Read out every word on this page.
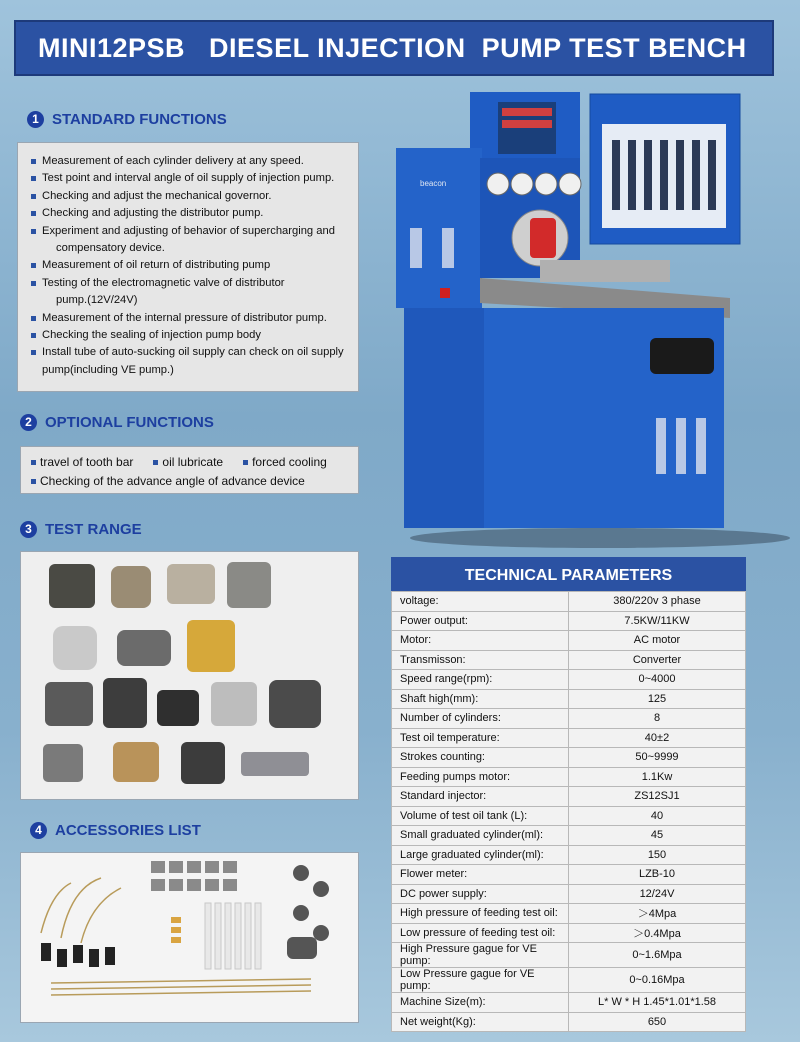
MINI12PSB   DIESEL INJECTION  PUMP TEST BENCH
1 STANDARD FUNCTIONS
Measurement of each cylinder delivery at any speed.
Test point and interval angle of oil supply of injection pump.
Checking and adjust the mechanical governor.
Checking and adjusting the distributor pump.
Experiment and adjusting of behavior of supercharging and
compensatory device.
Measurement of oil return of distributing pump
Testing of the electromagnetic valve of distributor
pump.(12V/24V)
Measurement of the internal pressure of distributor pump.
Checking the sealing of injection pump body
Install tube of auto-sucking oil supply can check on oil supply
pump(including VE pump.)
2 OPTIONAL FUNCTIONS
travel of tooth bar	oil lubricate	forced cooling
Checking of the advance angle of advance device
3 TEST RANGE
4 ACCESSORIES LIST
beacon
TECHNICAL PARAMETERS
voltage:	380/220v 3 phase
Power output:	7.5KW/11KW
Motor:	AC motor
Transmisson:	Converter
Speed range(rpm):	0~4000
Shaft high(mm):	125
Number of cylinders:	8
Test oil temperature:	40±2
Strokes counting:	50~9999
Feeding pumps motor:	1.1Kw
Standard injector:	ZS12SJ1
Volume of test oil tank (L):	40
Small graduated cylinder(ml):	45
Large graduated cylinder(ml):	150
Flower meter:	LZB-10
DC power supply:	12/24V
High pressure of feeding test oil:	＞4Mpa
Low pressure of feeding test oil:	＞0.4Mpa
High Pressure gague for VE pump:	0~1.6Mpa
Low Pressure gague for VE pump:	0~0.16Mpa
Machine Size(m):	L* W * H 1.45*1.01*1.58
Net weight(Kg):	650
